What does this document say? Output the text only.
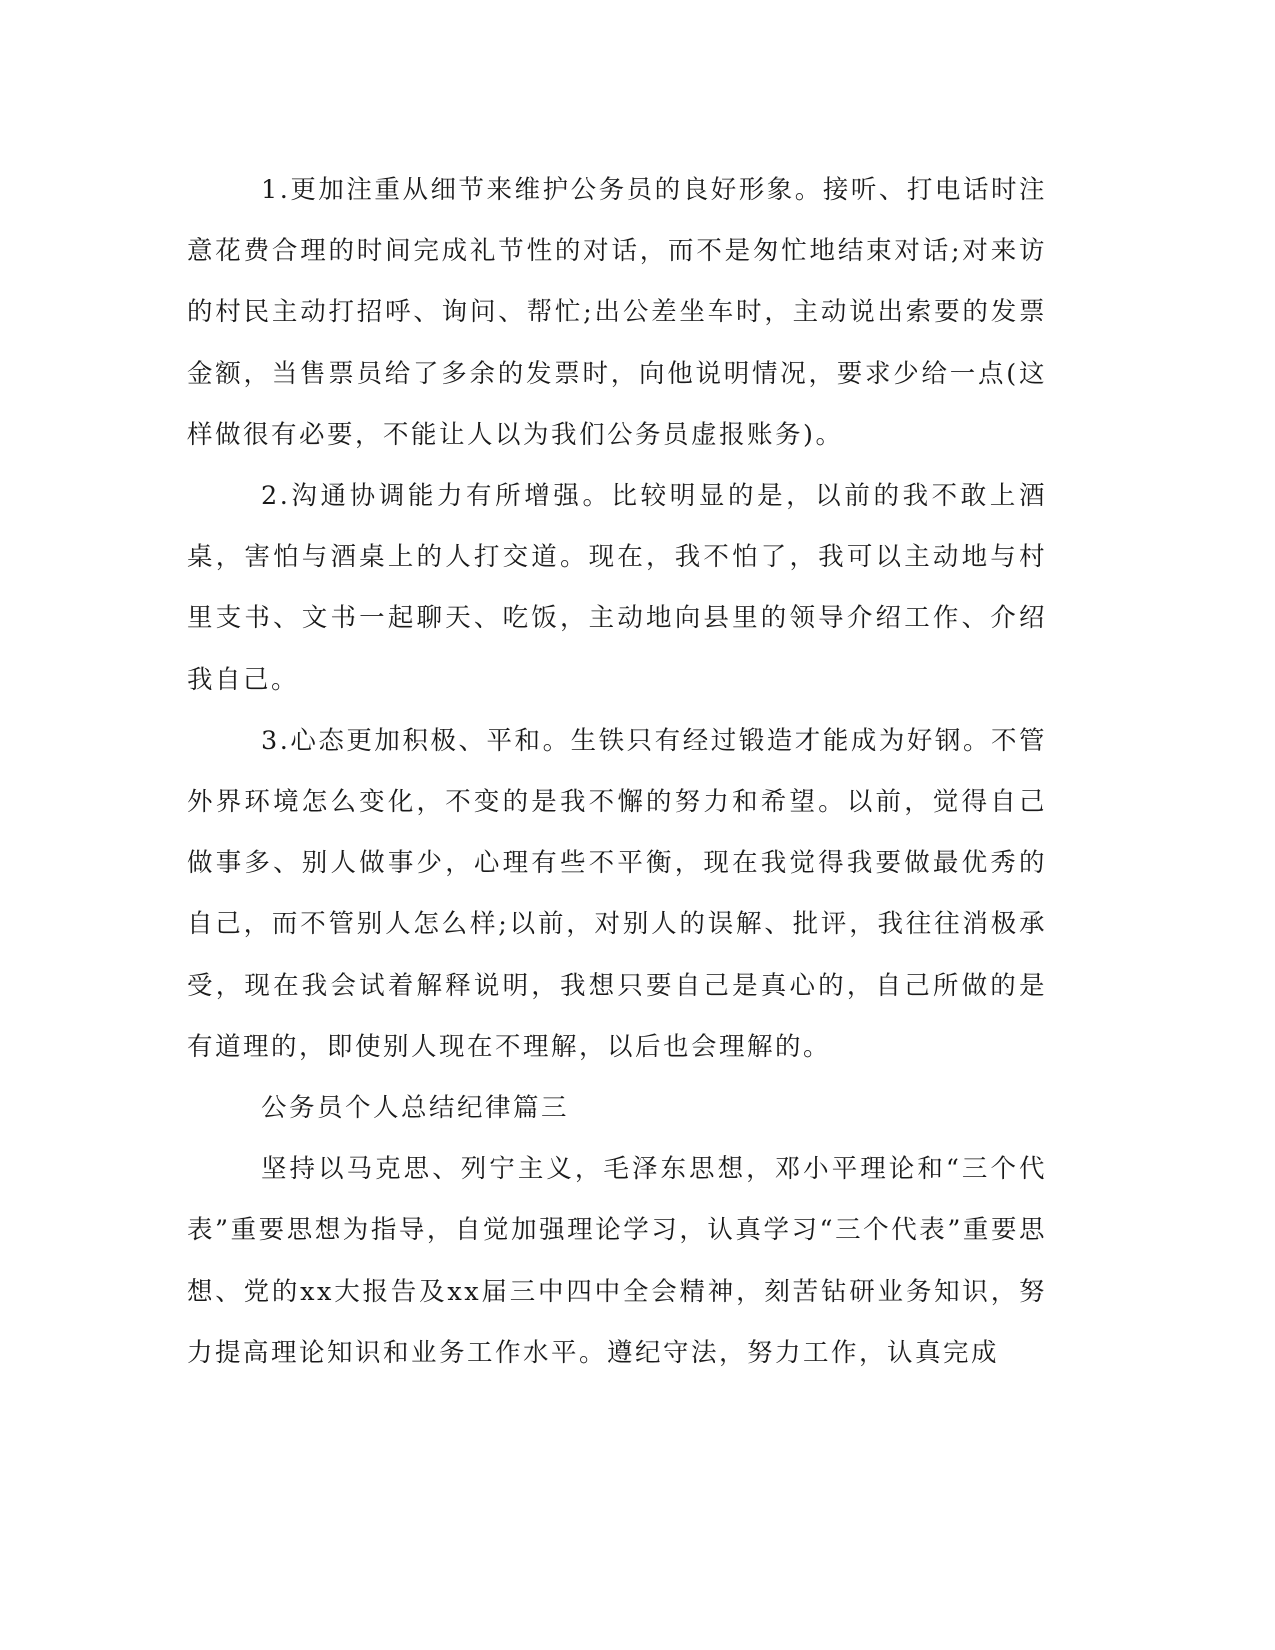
1.更加注重从细节来维护公务员的良好形象。接听、打电话时注意花费合理的时间完成礼节性的对话，而不是匆忙地结束对话;对来访的村民主动打招呼、询问、帮忙;出公差坐车时，主动说出索要的发票金额，当售票员给了多余的发票时，向他说明情况，要求少给一点(这样做很有必要，不能让人以为我们公务员虚报账务)。

2.沟通协调能力有所增强。比较明显的是，以前的我不敢上酒桌，害怕与酒桌上的人打交道。现在，我不怕了，我可以主动地与村里支书、文书一起聊天、吃饭，主动地向县里的领导介绍工作、介绍我自己。

3.心态更加积极、平和。生铁只有经过锻造才能成为好钢。不管外界环境怎么变化，不变的是我不懈的努力和希望。以前，觉得自己做事多、别人做事少，心理有些不平衡，现在我觉得我要做最优秀的自己，而不管别人怎么样;以前，对别人的误解、批评，我往往消极承受，现在我会试着解释说明，我想只要自己是真心的，自己所做的是有道理的，即使别人现在不理解，以后也会理解的。

公务员个人总结纪律篇三

坚持以马克思、列宁主义，毛泽东思想，邓小平理论和“三个代表”重要思想为指导，自觉加强理论学习，认真学习“三个代表”重要思想、党的xx大报告及xx届三中四中全会精神，刻苦钻研业务知识，努力提高理论知识和业务工作水平。遵纪守法，努力工作，认真完成
